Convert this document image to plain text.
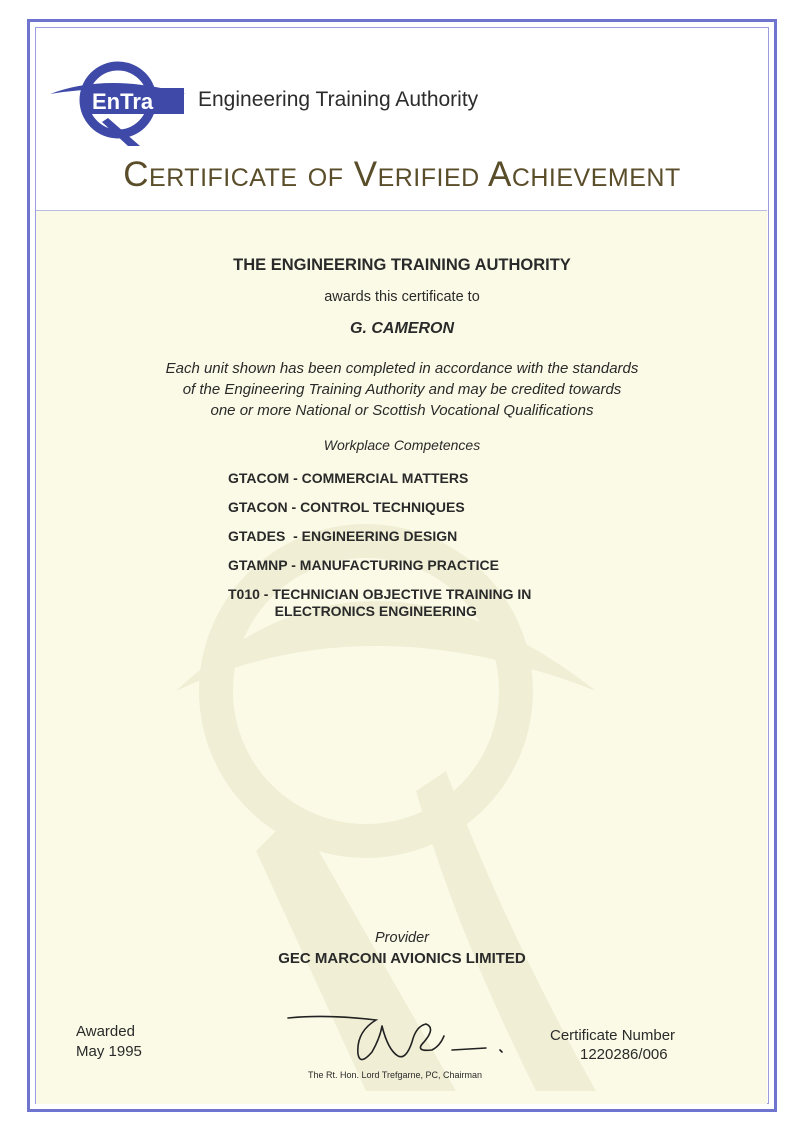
EnTra Engineering Training Authority
Certificate of Verified Achievement
THE ENGINEERING TRAINING AUTHORITY
awards this certificate to
G. CAMERON
Each unit shown has been completed in accordance with the standards
of the Engineering Training Authority and may be credited towards
one or more National or Scottish Vocational Qualifications
Workplace Competences
GTACOM - COMMERCIAL MATTERS
GTACON - CONTROL TECHNIQUES
GTADES  - ENGINEERING DESIGN
GTAMNP - MANUFACTURING PRACTICE
T010 - TECHNICIAN OBJECTIVE TRAINING IN
ELECTRONICS ENGINEERING
Provider
GEC MARCONI AVIONICS LIMITED
Awarded
May 1995
The Rt. Hon. Lord Trefgarne, PC, Chairman
Certificate Number
1220286/006
